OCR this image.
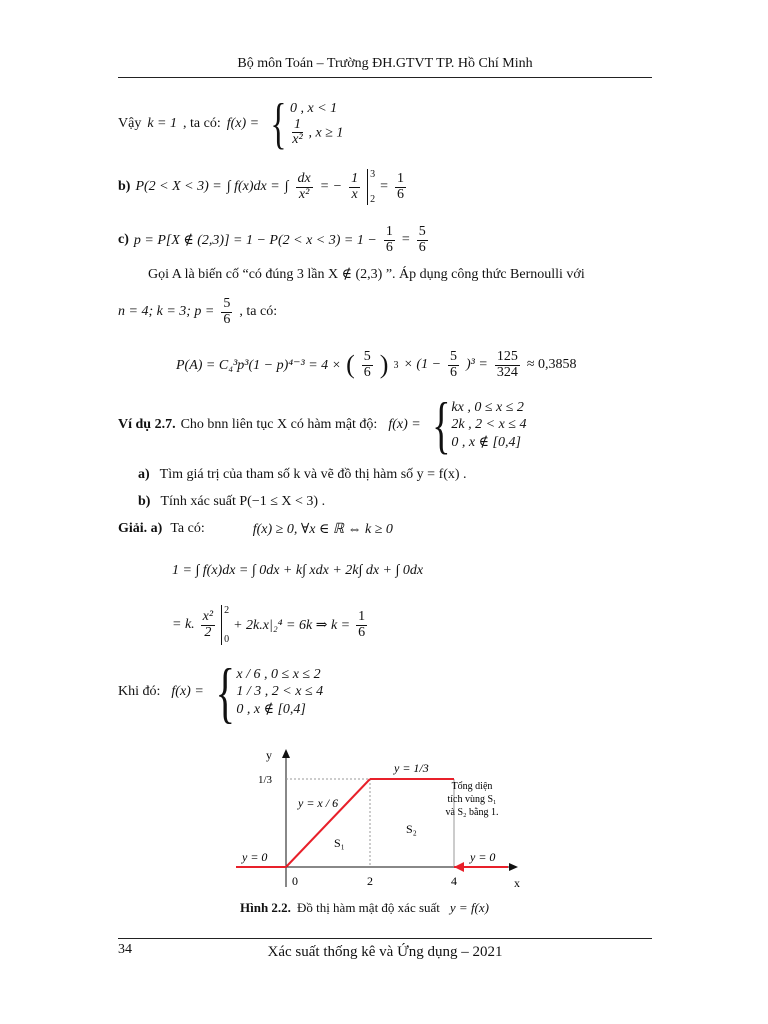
Bộ môn Toán – Trường ĐH.GTVT TP. Hồ Chí Minh
Vậy k = 1 , ta có: f(x) = { 0 , x < 1
$\frac{1}{\text{x²}}$ , x ≥ 1
b) P(2 < X < 3) = ∫ f(x)dx = ∫ $\frac{dx}{\text{x²}}$ = − $\frac{1}{x} 3$
2
= $\frac{1}{6}$
c) p = P[X ∉ $(2,3)] = 1 - P(2 < x < 3) = 1 - \frac{1}{6} = \frac{5}{6}$
Gọi A là biến cố “có đúng 3 lần X ∉ (2,3) ”. Áp dụng công thức Bernoulli với
n = 4; k = 3; $p = \frac{5}{6}$ , ta có:
P(A) = C₄³p³(1 − p)⁴⁻³ = 4 × ( $\frac{5}{6}$ ) $3 \times (1 - \frac{5}{6} )^3 = \frac{125}{324} \approx 0,3858$
Ví dụ 2.7. Cho bnn liên tục X có hàm mật độ: f(x) = { kx , 0 ≤ x ≤ 2
2k , 2 < x ≤ 4
0 , x ∉ [0,4]
a) Tìm giá trị của tham số k và vẽ đồ thị hàm số y = f(x) .
b) Tính xác suất P(−1 ≤ X < 3) .
Giải. a) Ta có:	f(x) ≥ 0, ∀x ∈ ℝ ⇔ k ≥ 0
1 = ∫ f(x)dx = ∫ 0dx + k∫ xdx + 2k∫ dx + ∫ 0dx
= k. $\frac{\text{x²}}{2} 2$
0
+ 2k.x|₂⁴ = 6k ⇒ $k = \frac{1}{6}$
Khi đó: f(x) = { x / 6 , 0 ≤ x ≤ 2
1 / 3 , 2 < x ≤ 4
0 , x ∉ [0,4]
y
x
1/3
0	2	4
y = 1/3
y = x / 6
y = 0	y = 0
S₁
S₂
Tổng diện
tích vùng S₁
và S₂ bằng 1.
Hình 2.2. Đồ thị hàm mật độ xác suất y = f(x)
34	Xác suất thống kê và Ứng dụng – 2021
